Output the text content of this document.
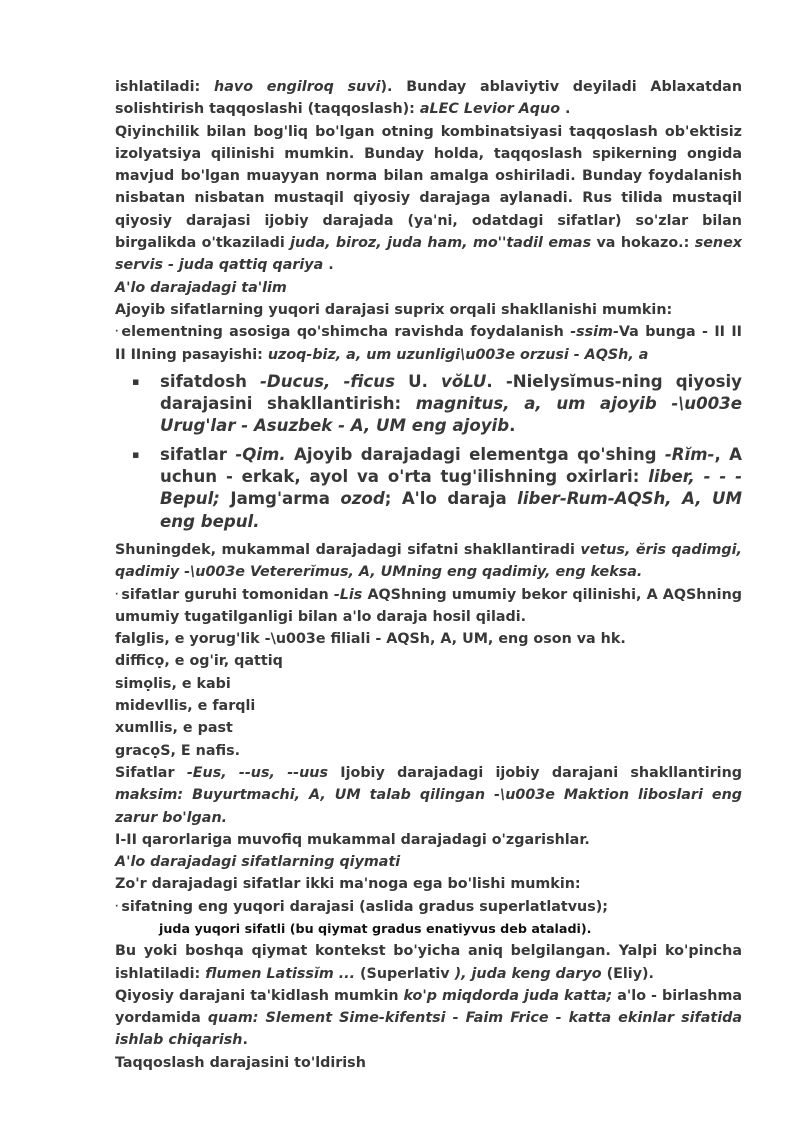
ishlatiladi: havo engilroq suvi). Bunday ablaviytiv deyiladi Ablaxatdan solishtirish taqqoslashi (taqqoslash): aLEC Levior Aquo .

Qiyinchilik bilan bog'liq bo'lgan otning kombinatsiyasi taqqoslash ob'ektisiz izolyatsiya qilinishi mumkin. Bunday holda, taqqoslash spikerning ongida mavjud bo'lgan muayyan norma bilan amalga oshiriladi. Bunday foydalanish nisbatan nisbatan mustaqil qiyosiy darajaga aylanadi. Rus tilida mustaqil qiyosiy darajasi ijobiy darajada (ya'ni, odatdagi sifatlar) so'zlar bilan birgalikda o'tkaziladi juda, biroz, juda ham, mo''tadil emas va hokazo.: senex servis - juda qattiq qariya .

A'lo darajadagi ta'lim

Ajoyib sifatlarning yuqori darajasi suprix orqali shakllanishi mumkin:

· elementning asosiga qo'shimcha ravishda foydalanish -ssim-Va bunga - II II II IIning pasayishi: uzoq-biz, a, um uzunligi\u003e orzusi - AQSh, a

▪ sifatdosh -Ducus, -ficus U. vŏLU. -Nielysĭmus-ning qiyosiy darajasini shakllantirish: magnitus, a, um ajoyib -\u003e Urug'lar - Asuzbek - A, UM eng ajoyib.
▪ sifatlar -Qim. Ajoyib darajadagi elementga qo'shing -Rĭm-, A uchun - erkak, ayol va o'rta tug'ilishning oxirlari: liber, - - - Bepul; Jamg'arma ozod; A'lo daraja liber-Rum-AQSh, A, UM eng bepul.

Shuningdek, mukammal darajadagi sifatni shakllantiradi vetus, ĕris qadimgi, qadimiy -\u003e Vetererĭmus, A, UMning eng qadimiy, eng keksa.

· sifatlar guruhi tomonidan -Lis AQShning umumiy bekor qilinishi, A AQShning umumiy tugatilganligi bilan a'lo daraja hosil qiladi.

falglis, e yorug'lik -\u003e filiali - AQSh, A, UM, eng oson va hk.

difficọ, e og'ir, qattiq

simọlis, e kabi

midevllis, e farqli

xumllis, e past

gracọS, E nafis.

Sifatlar -Eus, --us, --uus Ijobiy darajadagi ijobiy darajani shakllantiring maksim: Buyurtmachi, A, UM talab qilingan -\u003e Maktion liboslari eng zarur bo'lgan.

I-II qarorlariga muvofiq mukammal darajadagi o'zgarishlar.

A'lo darajadagi sifatlarning qiymati

Zo'r darajadagi sifatlar ikki ma'noga ega bo'lishi mumkin:

· sifatning eng yuqori darajasi (aslida gradus superlatlatvus);

juda yuqori sifatli (bu qiymat gradus enatiyvus deb ataladi).

Bu yoki boshqa qiymat kontekst bo'yicha aniq belgilangan. Yalpi ko'pincha ishlatiladi: flumen Latissĭm ... (Superlativ ), juda keng daryo (Eliy).

Qiyosiy darajani ta'kidlash mumkin ko'p miqdorda juda katta; a'lo - birlashma yordamida quam: Slement Sime-kifentsi - Faim Frice - katta ekinlar sifatida ishlab chiqarish.

Taqqoslash darajasini to'ldirish
